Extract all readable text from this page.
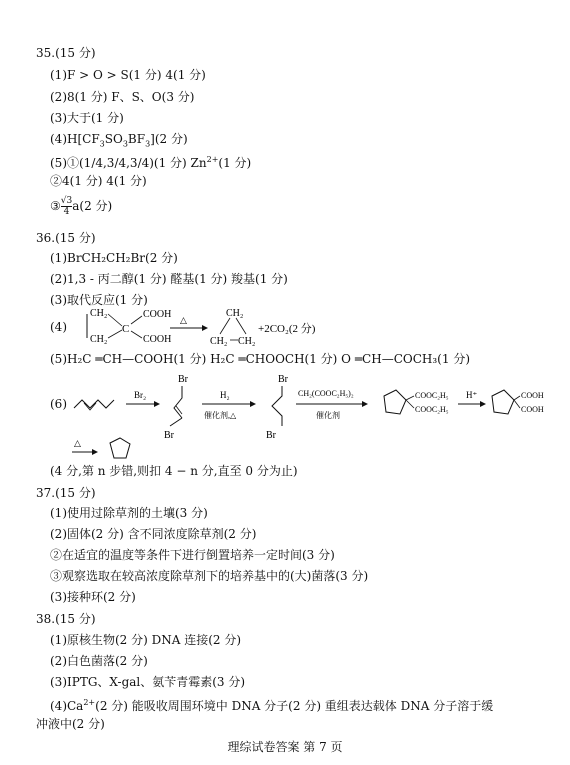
35.(15 分)
(1)F > O > S(1 分) 4(1 分)
(2)8(1 分) F、S、O(3 分)
(3)大于(1 分)
$(4)H[CF_3SO_3BF_3](2$ 分)
(5)①(1/4,3/4,3/4)(1 分) $Zn^{2+}(1$ 分)
②4(1 分) 4(1 分)
③ $\frac{√3}{4} a(2$ 分)
36.(15 分)
(1)BrCH₂CH₂Br(2 分)
(2)1,3 - 丙二醇(1 分) 醛基(1 分) 羧基(1 分)
(3)取代反应(1 分)
(4)
CH₂
CH₂
C
COOH
COOH
△
CH₂
CH₂ CH₂
+2CO₂(2 分)
(5)H₂C ═CH—COOH(1 分) H₂C ═CHOOCH(1 分) O ═CH—COCH₃(1 分)
(6)
Br₂
Br
Br
H₂
催化剂,△
Br
Br
CH₂(COOC₂H₅)₂
催化剂
COOC₂H₅
COOC₂H₅
H⁺	COOH
COOH
△
(4 分,第 n 步错,则扣 4 − n 分,直至 0 分为止)
37.(15 分)
(1)使用过除草剂的土壤(3 分)
(2)固体(2 分) 含不同浓度除草剂(2 分)
②在适宜的温度等条件下进行倒置培养一定时间(3 分)
③观察选取在较高浓度除草剂下的培养基中的(大)菌落(3 分)
(3)接种环(2 分)
38.(15 分)
(1)原核生物(2 分) DNA 连接(2 分)
(2)白色菌落(2 分)
(3)IPTG、X-gal、氨苄青霉素(3 分)
$(4)Ca^{2+}(2$ 分) 能吸收周围环境中 DNA 分子(2 分) 重组表达载体 DNA 分子溶于缓
冲液中(2 分)
理综试卷答案 第 7 页
